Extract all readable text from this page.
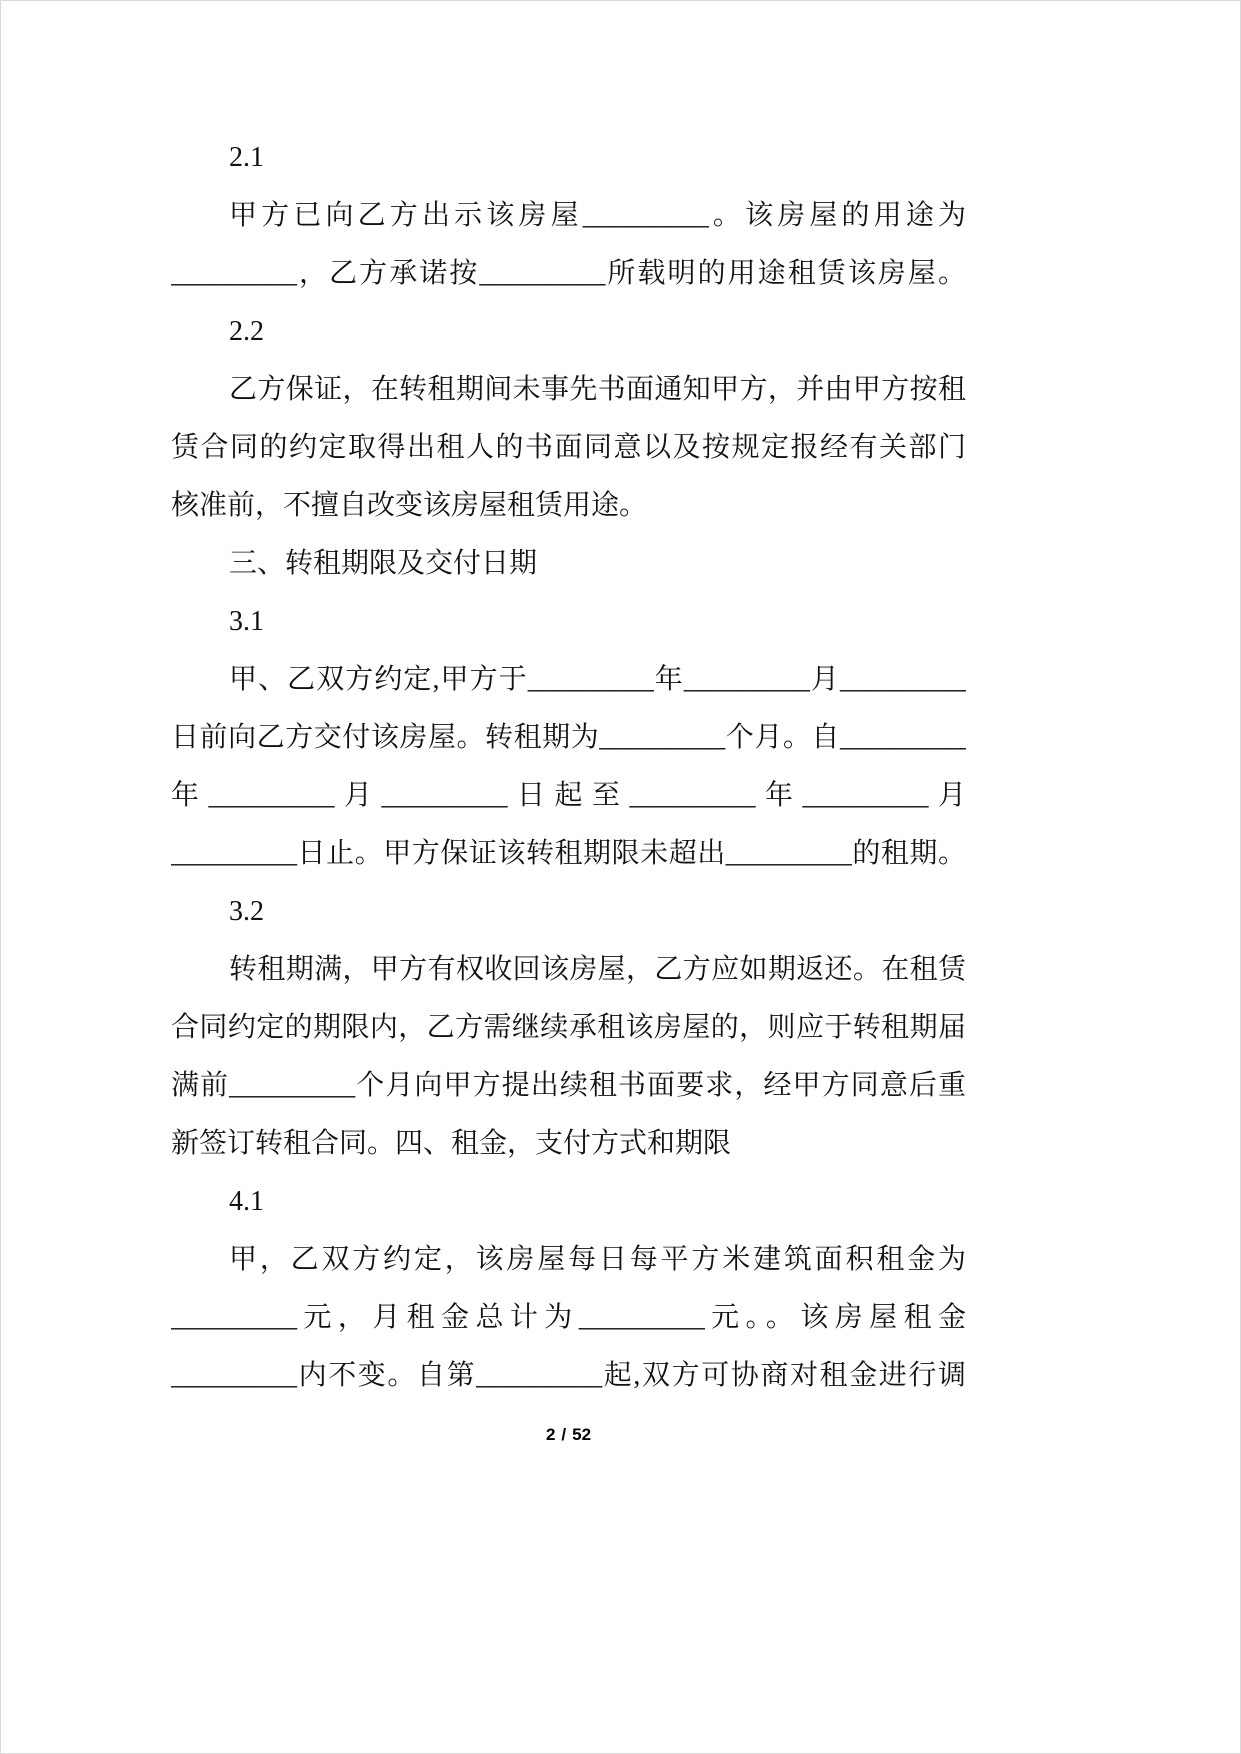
2.1
甲方已向乙方出示该房屋_________。该房屋的用途为
_________，乙方承诺按_________所载明的用途租赁该房屋。
2.2
乙方保证，在转租期间未事先书面通知甲方，并由甲方按租
赁合同的约定取得出租人的书面同意以及按规定报经有关部门
核准前，不擅自改变该房屋租赁用途。
三、转租期限及交付日期
3.1
甲、乙双方约定,甲方于_________年_________月_________
日前向乙方交付该房屋。转租期为_________个月。自_________
年_________月_________日起至_________年_________月
_________日止。甲方保证该转租期限未超出_________的租期。
3.2
转租期满，甲方有权收回该房屋，乙方应如期返还。在租赁
合同约定的期限内，乙方需继续承租该房屋的，则应于转租期届
满前_________个月向甲方提出续租书面要求，经甲方同意后重
新签订转租合同。四、租金，支付方式和期限
4.1
甲，乙双方约定，该房屋每日每平方米建筑面积租金为
_________元，月租金总计为_________元。。该房屋租金
_________内不变。自第_________起,双方可协商对租金进行调
2 / 52
